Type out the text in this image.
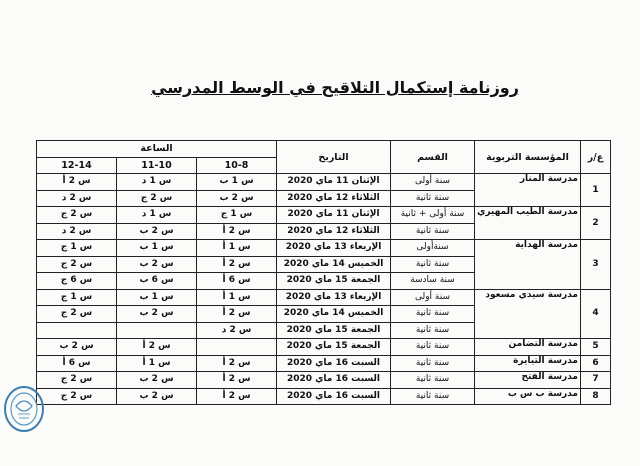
روزنامة إستكمال التلاقيح في الوسط المدرسي
ع/ر	المؤسسة التربوية	القسم	التاريخ	الساعة		
				10-8	11-10	12-14
1	مدرسة المنار	سنة أولى	الإثنان 11 ماي 2020	س 1 ب	س 1 د	س 2 أ
		سنة ثانية	الثلاثاء 12 ماي 2020	س 2 ب	س 2 ج	س 2 د
2	مدرسة الطيب المهيري	سنة أولى + ثانية	الإثنان 11 ماي 2020	س 1 ج	س 1 د	س 2 ج
		سنة ثانية	الثلاثاء 12 ماي 2020	س 2 أ	س 2 ب	س 2 د
3	مدرسة الهداية	سنةأولى	الإربعاء 13 ماي 2020	س 1 أ	س 1 ب	س 1 ج
		سنة ثانية	الخميس 14 ماي 2020	س 2 أ	س 2 ب	س 2 ج
		سنة سادسة	الجمعة 15 ماي 2020	س 6 أ	س 6 ب	س 6 ج
4	مدرسة سيدي مسعود	سنة أولى	الإربعاء 13 ماي 2020	س 1 أ	س 1 ب	س 1 ج
		سنة ثانية	الخميس 14 ماي 2020	س 2 أ	س 2 ب	س 2 ج
		سنة ثانية	الجمعة 15 ماي 2020	س 2 د		
5	مدرسة التضامن	سنة ثانية	الجمعة 15 ماي 2020		س 2 أ	س 2 ب
6	مدرسة التيايرة	سنة ثانية	السبت 16 ماي 2020	س 2 أ	س 1 أ	س 6 أ
7	مدرسة الفتح	سنة ثانية	السبت 16 ماي 2020	س 2 أ	س 2 ب	س 2 ج
8	مدرسة ب س ب	سنة ثانية	السبت 16 ماي 2020	س 2 أ	س 2 ب	س 2 ج
